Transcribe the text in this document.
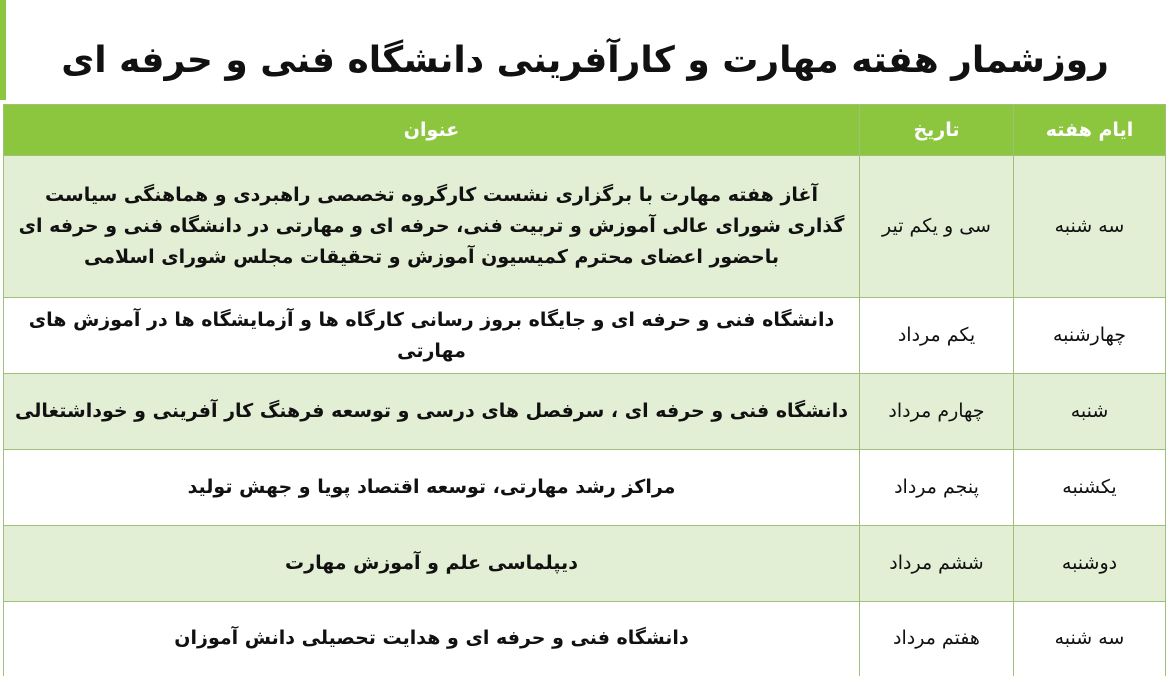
روزشمار هفته مهارت و کارآفرینی دانشگاه فنی و حرفه ای
ایام هفته	تاریخ	عنوان
سه شنبه	سی و یکم تیر	آغاز هفته مهارت با برگزاری نشست کارگروه تخصصی راهبردی و هماهنگی سیاست گذاری شورای عالی آموزش و تربیت فنی، حرفه ای و مهارتی در دانشگاه فنی و حرفه ای باحضور اعضای محترم کمیسیون آموزش و تحقیقات مجلس شورای اسلامی
چهارشنبه	یکم مرداد	دانشگاه فنی و حرفه ای و جایگاه بروز رسانی کارگاه ها و آزمایشگاه ها در آموزش های مهارتی
شنبه	چهارم مرداد	دانشگاه فنی و حرفه ای ، سرفصل های درسی و توسعه فرهنگ کار آفرینی و خوداشتغالی
یکشنبه	پنجم مرداد	مراکز رشد مهارتی، توسعه اقتصاد پویا و جهش تولید
دوشنبه	ششم مرداد	دیپلماسی علم و آموزش مهارت
سه شنبه	هفتم مرداد	دانشگاه فنی و حرفه ای و هدایت تحصیلی دانش آموزان
